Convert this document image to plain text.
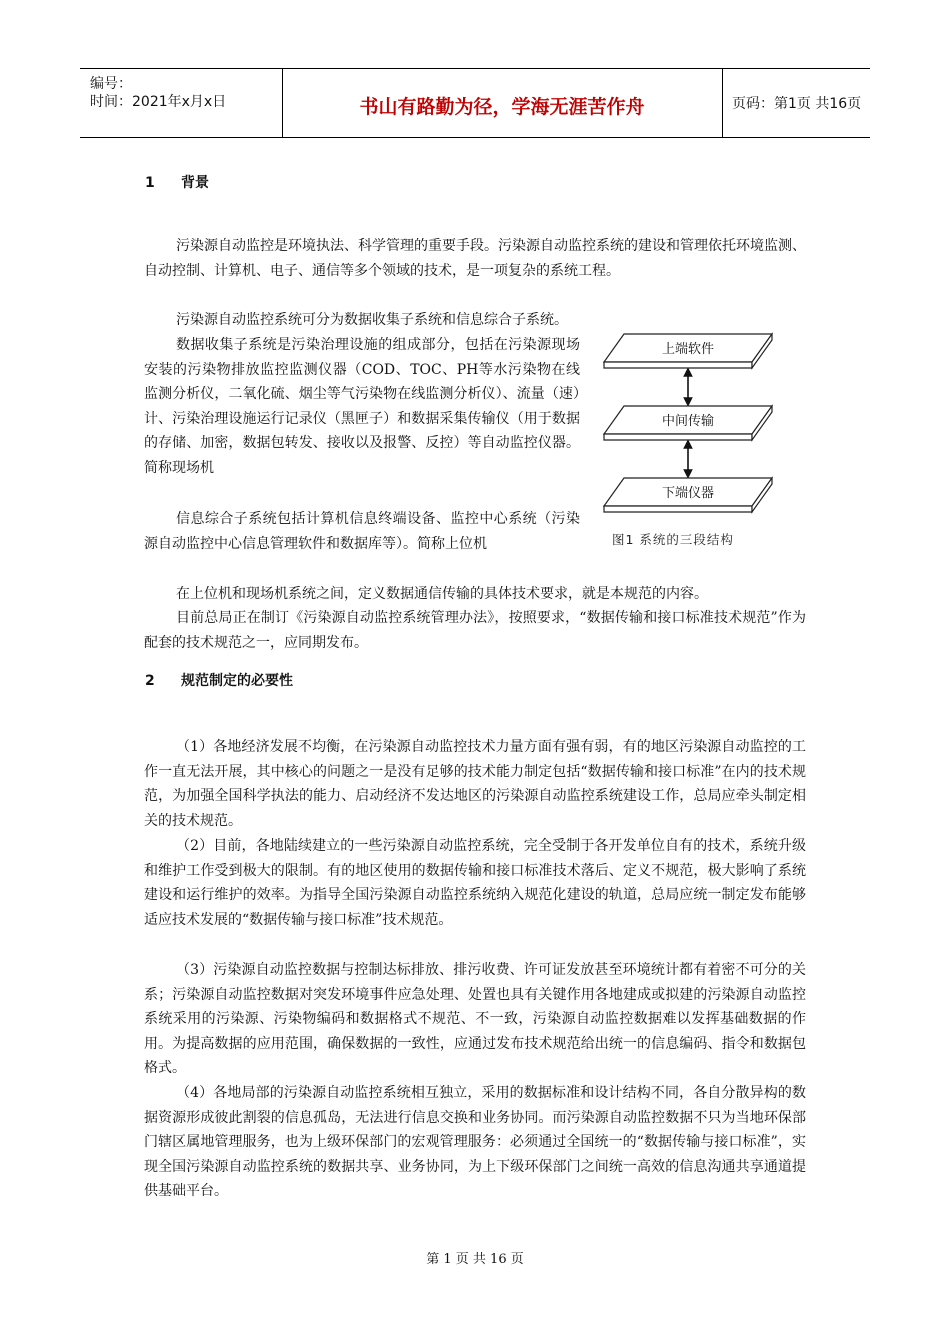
编号：
时间：2021年x月x日	书山有路勤为径，学海无涯苦作舟	页码：第1页 共16页
1 背景

污染源自动监控是环境执法、科学管理的重要手段。污染源自动监控系统的建设和管理依托环境监测、自动控制、计算机、电子、通信等多个领域的技术，是一项复杂的系统工程。

污染源自动监控系统可分为数据收集子系统和信息综合子系统。

数据收集子系统是污染治理设施的组成部分，包括在污染源现场安装的污染物排放监控监测仪器（COD、TOC、PH等水污染物在线监测分析仪，二氧化硫、烟尘等气污染物在线监测分析仪）、流量（速）计、污染治理设施运行记录仪（黑匣子）和数据采集传输仪（用于数据的存储、加密，数据包转发、接收以及报警、反控）等自动监控仪器。简称现场机

信息综合子系统包括计算机信息终端设备、监控中心系统（污染源自动监控中心信息管理软件和数据库等）。简称上位机

在上位机和现场机系统之间，定义数据通信传输的具体技术要求，就是本规范的内容。

目前总局正在制订《污染源自动监控系统管理办法》，按照要求，“数据传输和接口标准技术规范”作为配套的技术规范之一，应同期发布。

上端软件
中间传输
下端仪器
图1 系统的三段结构
2 规范制定的必要性

（1）各地经济发展不均衡，在污染源自动监控技术力量方面有强有弱，有的地区污染源自动监控的工作一直无法开展，其中核心的问题之一是没有足够的技术能力制定包括“数据传输和接口标准”在内的技术规范，为加强全国科学执法的能力、启动经济不发达地区的污染源自动监控系统建设工作，总局应牵头制定相关的技术规范。

（2）目前，各地陆续建立的一些污染源自动监控系统，完全受制于各开发单位自有的技术，系统升级和维护工作受到极大的限制。有的地区使用的数据传输和接口标准技术落后、定义不规范，极大影响了系统建设和运行维护的效率。为指导全国污染源自动监控系统纳入规范化建设的轨道，总局应统一制定发布能够适应技术发展的“数据传输与接口标准”技术规范。

（3）污染源自动监控数据与控制达标排放、排污收费、许可证发放甚至环境统计都有着密不可分的关系；污染源自动监控数据对突发环境事件应急处理、处置也具有关键作用各地建成或拟建的污染源自动监控系统采用的污染源、污染物编码和数据格式不规范、不一致，污染源自动监控数据难以发挥基础数据的作用。为提高数据的应用范围，确保数据的一致性，应通过发布技术规范给出统一的信息编码、指令和数据包格式。

（4）各地局部的污染源自动监控系统相互独立，采用的数据标准和设计结构不同，各自分散异构的数据资源形成彼此割裂的信息孤岛，无法进行信息交换和业务协同。而污染源自动监控数据不只为当地环保部门辖区属地管理服务，也为上级环保部门的宏观管理服务：必须通过全国统一的“数据传输与接口标准”，实现全国污染源自动监控系统的数据共享、业务协同，为上下级环保部门之间统一高效的信息沟通共享通道提供基础平台。

第 1 页 共 16 页
